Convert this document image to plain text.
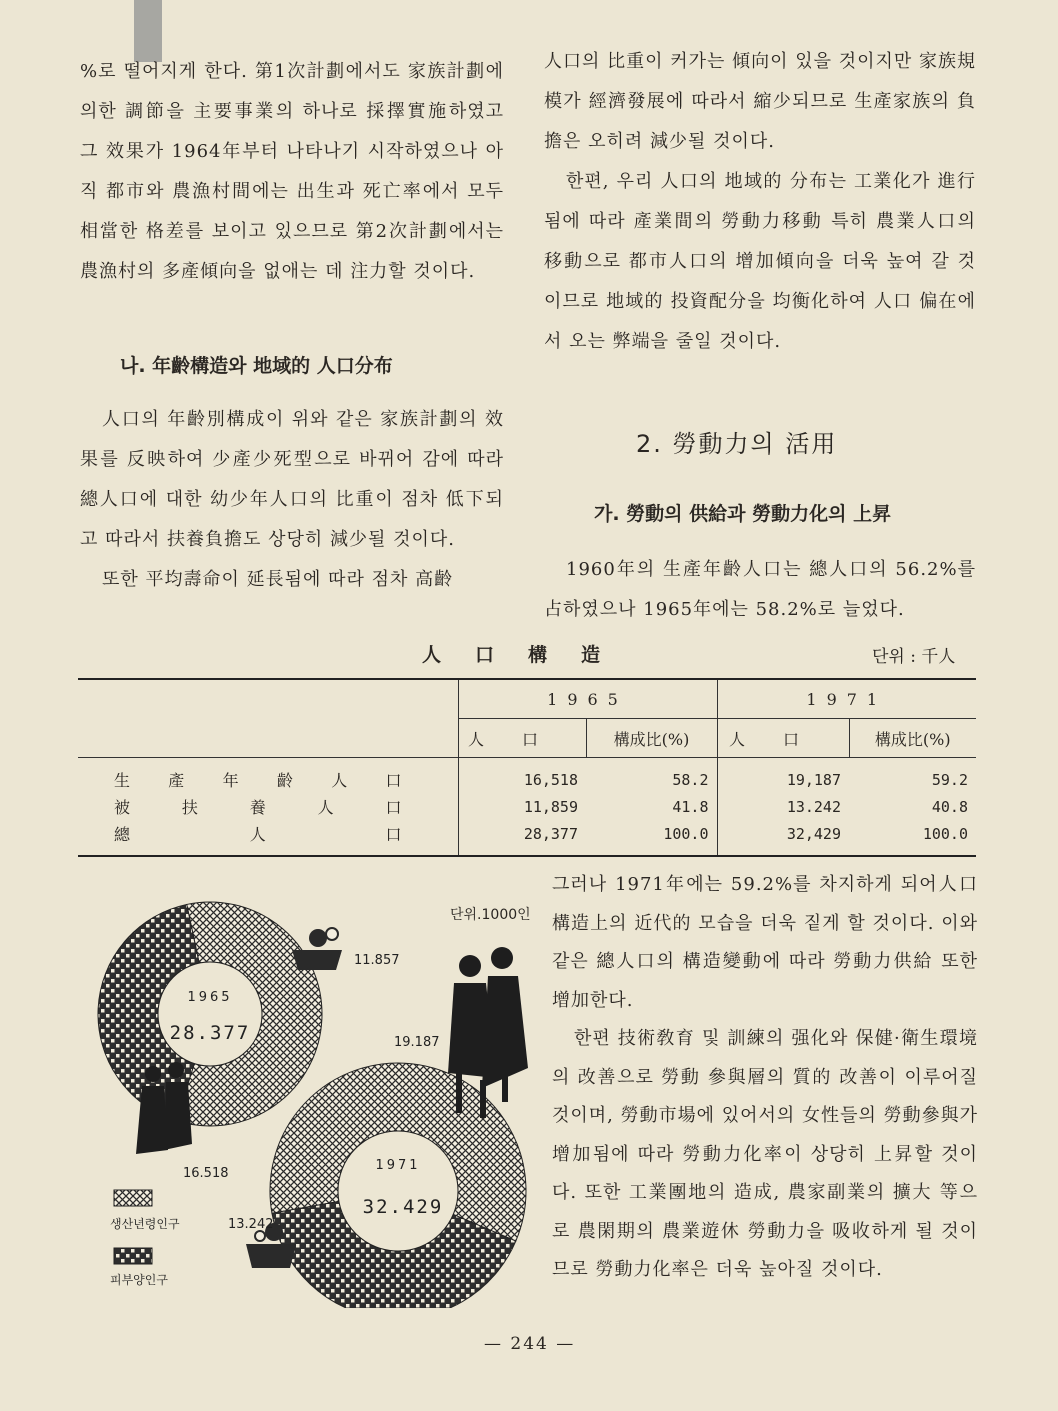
%로 떨어지게 한다. 第1次計劃에서도 家族計劃에 의한 調節을 主要事業의 하나로 採擇實施하였고 그 效果가 1964年부터 나타나기 시작하였으나 아직 都市와 農漁村間에는 出生과 死亡率에서 모두 相當한 格差를 보이고 있으므로 第2次計劃에서는 農漁村의 多產傾向을 없애는 데 注力할 것이다.

나. 年齡構造와 地域的 人口分布

人口의 年齡別構成이 위와 같은 家族計劃의 效果를 反映하여 少產少死型으로 바뀌어 감에 따라 總人口에 대한 幼少年人口의 比重이 점차 低下되고 따라서 扶養負擔도 상당히 減少될 것이다.

또한 平均壽命이 延長됨에 따라 점차 高齡

人口의 比重이 커가는 傾向이 있을 것이지만 家族規模가 經濟發展에 따라서 縮少되므로 生產家族의 負擔은 오히려 減少될 것이다.

한편, 우리 人口의 地域的 分布는 工業化가 進行됨에 따라 產業間의 勞動力移動 특히 農業人口의 移動으로 都市人口의 增加傾向을 더욱 높여 갈 것이므로 地域的 投資配分을 均衡化하여 人口 偏在에서 오는 弊端을 줄일 것이다.

2. 勞動力의 活用

가. 勞動의 供給과 勞動力化의 上昇

1960年의 生產年齡人口는 總人口의 56.2%를 占하였으나 1965年에는 58.2%로 늘었다.

人口構造	단위 : 千人
	1965		1971	
	人口	構成比(%)	人口	構成比(%)
生產年齡人口	16,518	58.2	19,187	59.2
被扶養人口	11,859	41.8	13.242	40.8
總人口	28,377	100.0	32,429	100.0
1965
28.377
1971
32.429
11.857
16.518
19.187
13.242
생산년령인구
피부양인구
단위.1000인

그러나 1971年에는 59.2%를 차지하게 되어人口構造上의 近代的 모습을 더욱 짙게 할 것이다. 이와 같은 總人口의 構造變動에 따라 勞動力供給 또한 增加한다.

한편 技術敎育 및 訓練의 强化와 保健·衛生環境의 改善으로 勞動 參與層의 質的 改善이 이루어질 것이며, 勞動市場에 있어서의 女性들의 勞動參與가 增加됨에 따라 勞動力化率이 상당히 上昇할 것이다. 또한 工業團地의 造成, 農家副業의 擴大 等으로 農閑期의 農業遊休 勞動力을 吸收하게 될 것이므로 勞動力化率은 더욱 높아질 것이다.

— 244 —
